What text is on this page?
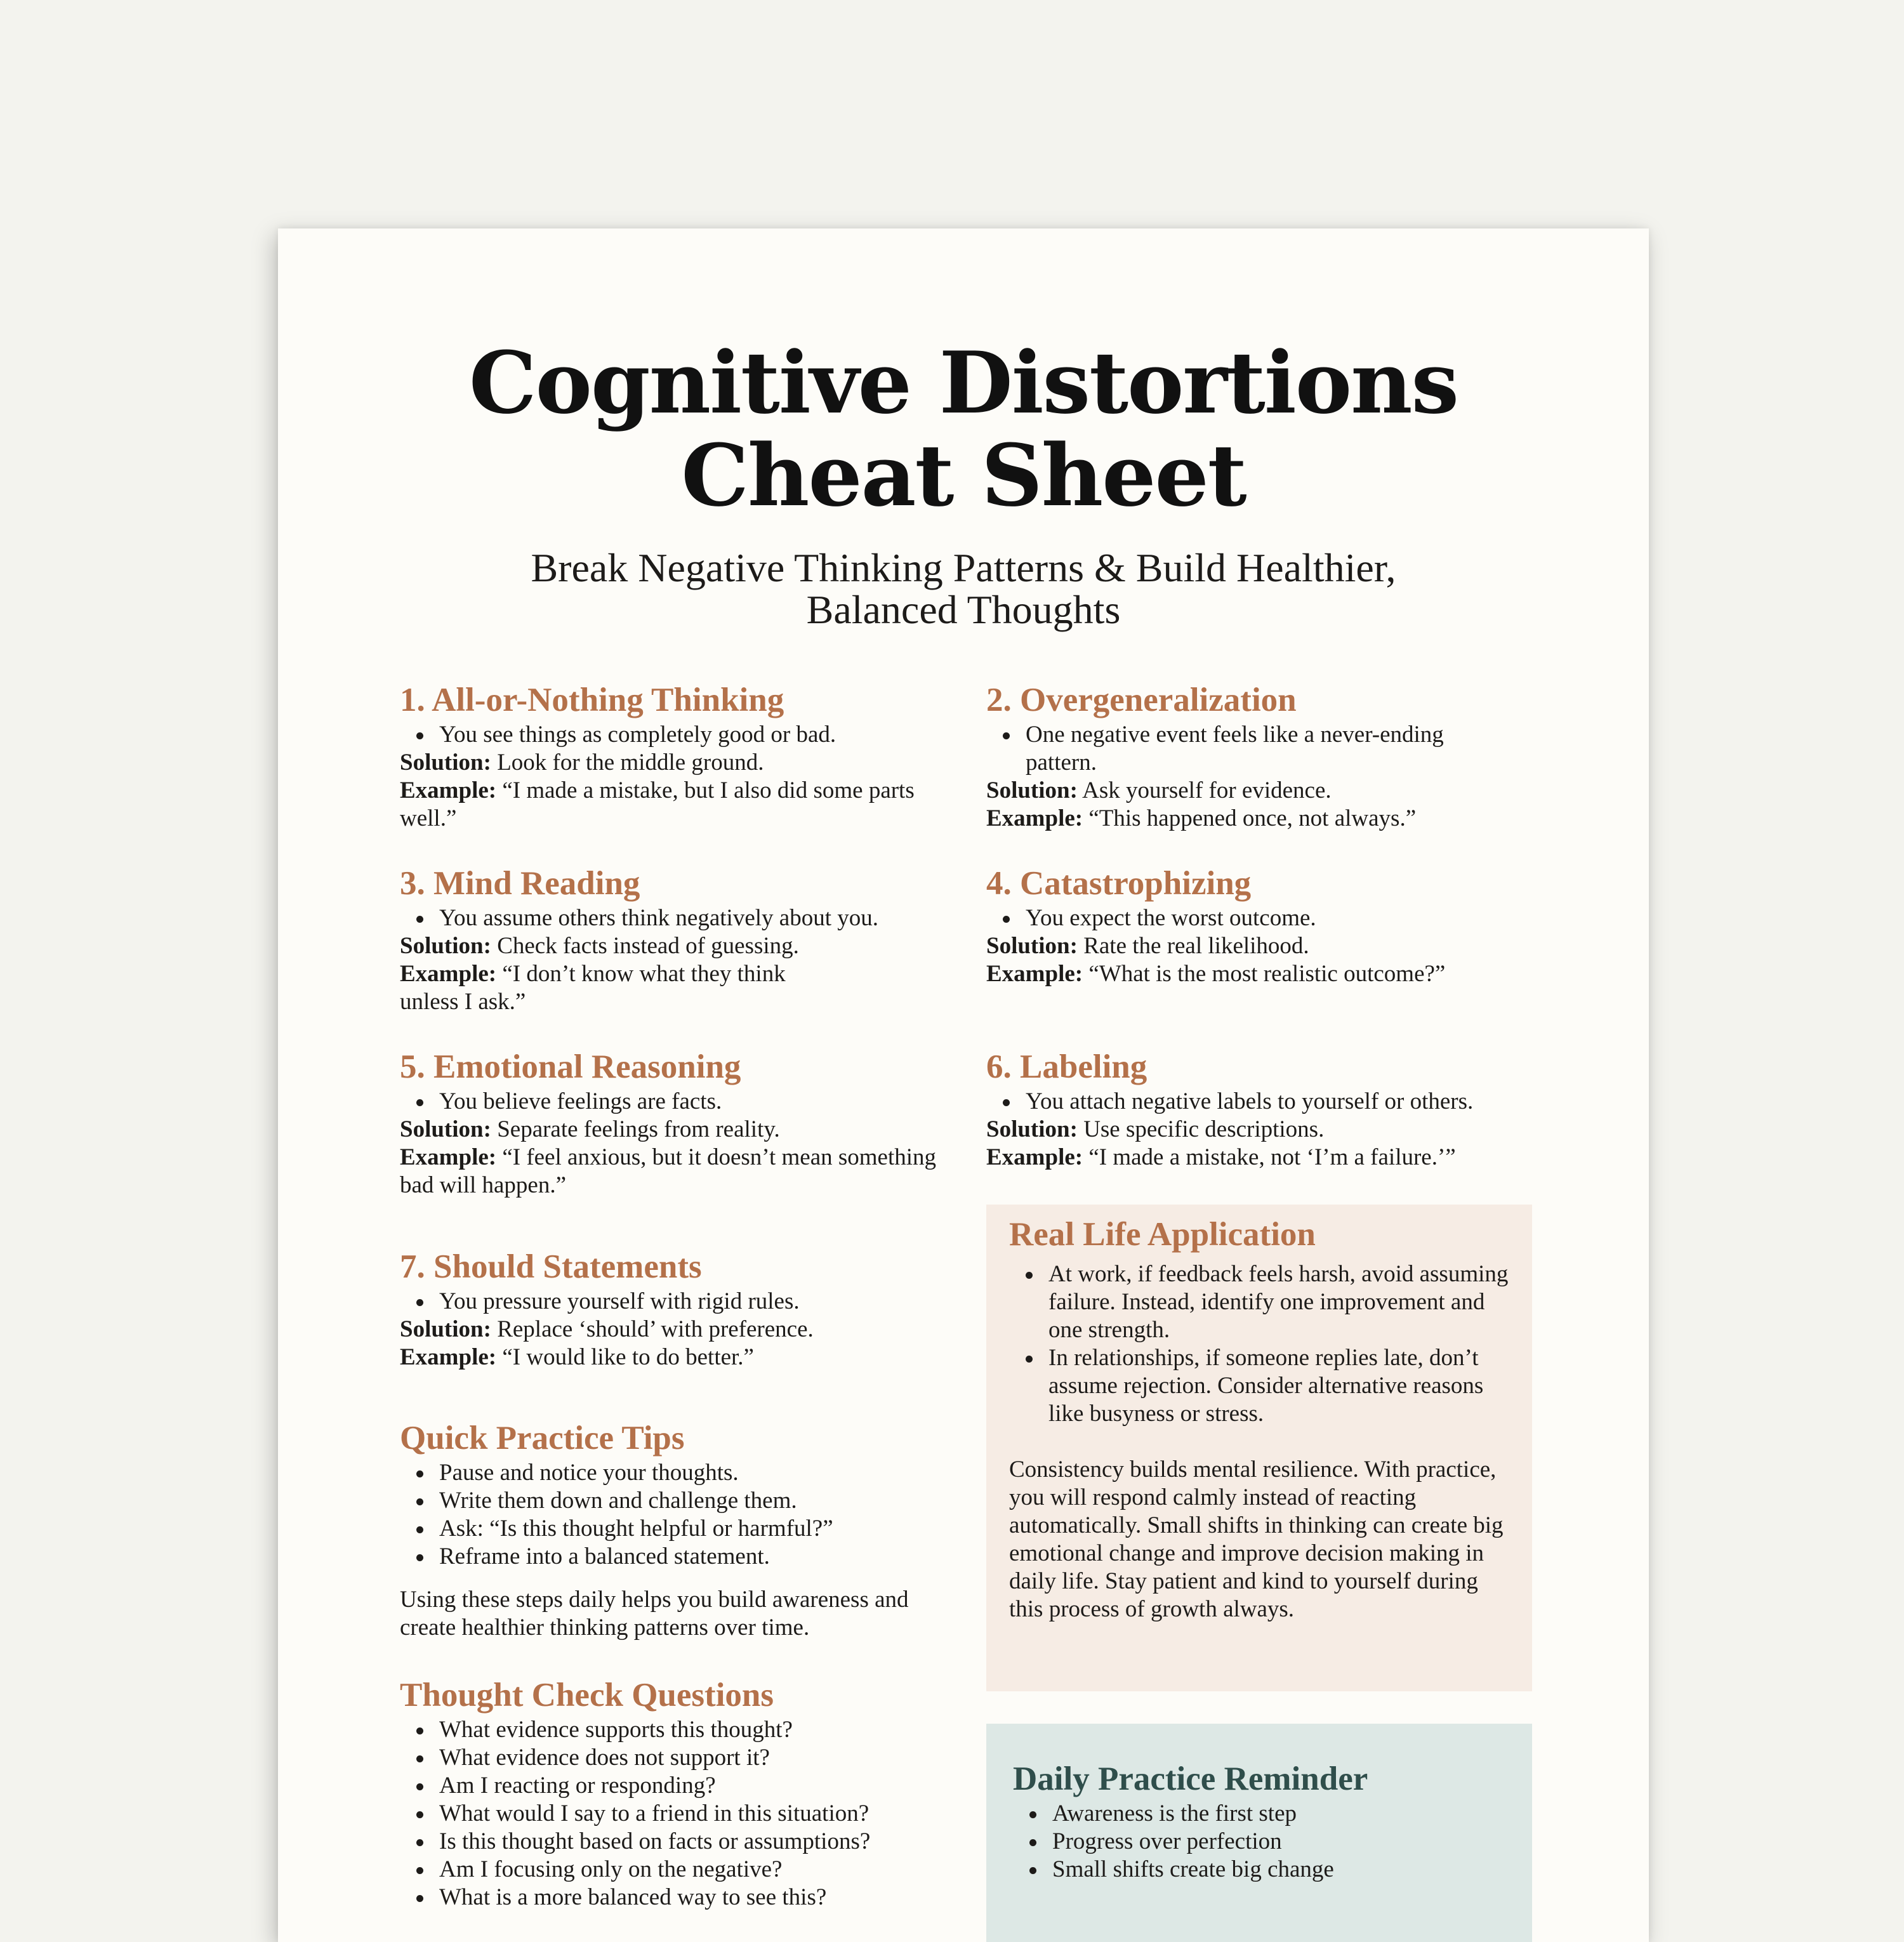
Cognitive Distortions
Cheat Sheet

Break Negative Thinking Patterns & Build Healthier,
Balanced Thoughts

1. All-or-Nothing Thinking
You see things as completely good or bad.

Solution: Look for the middle ground.

Example: “I made a mistake, but I also did some parts well.”

2. Overgeneralization
One negative event feels like a never-ending pattern.

Solution: Ask yourself for evidence.

Example: “This happened once, not always.”

3. Mind Reading
You assume others think negatively about you.

Solution: Check facts instead of guessing.

Example: “I don’t know what they think unless I ask.”

4. Catastrophizing
You expect the worst outcome.

Solution: Rate the real likelihood.

Example: “What is the most realistic outcome?”

5. Emotional Reasoning
You believe feelings are facts.

Solution: Separate feelings from reality.

Example: “I feel anxious, but it doesn’t mean something bad will happen.”

6. Labeling
You attach negative labels to yourself or others.

Solution: Use specific descriptions.

Example: “I made a mistake, not ‘I’m a failure.’”

7. Should Statements
You pressure yourself with rigid rules.

Solution: Replace ‘should’ with preference.

Example: “I would like to do better.”

Quick Practice Tips
Pause and notice your thoughts.
Write them down and challenge them.
Ask: “Is this thought helpful or harmful?”
Reframe into a balanced statement.

Using these steps daily helps you build awareness and create healthier thinking patterns over time.

Thought Check Questions
What evidence supports this thought?
What evidence does not support it?
Am I reacting or responding?
What would I say to a friend in this situation?
Is this thought based on facts or assumptions?
Am I focusing only on the negative?
What is a more balanced way to see this?
Real Life Application
At work, if feedback feels harsh, avoid assuming failure. Instead, identify one improvement and one strength.
In relationships, if someone replies late, don’t assume rejection. Consider alternative reasons like busyness or stress.

Consistency builds mental resilience. With practice, you will respond calmly instead of reacting automatically. Small shifts in thinking can create big emotional change and improve decision making in daily life. Stay patient and kind to yourself during this process of growth always.

Daily Practice Reminder
Awareness is the first step
Progress over perfection
Small shifts create big change
